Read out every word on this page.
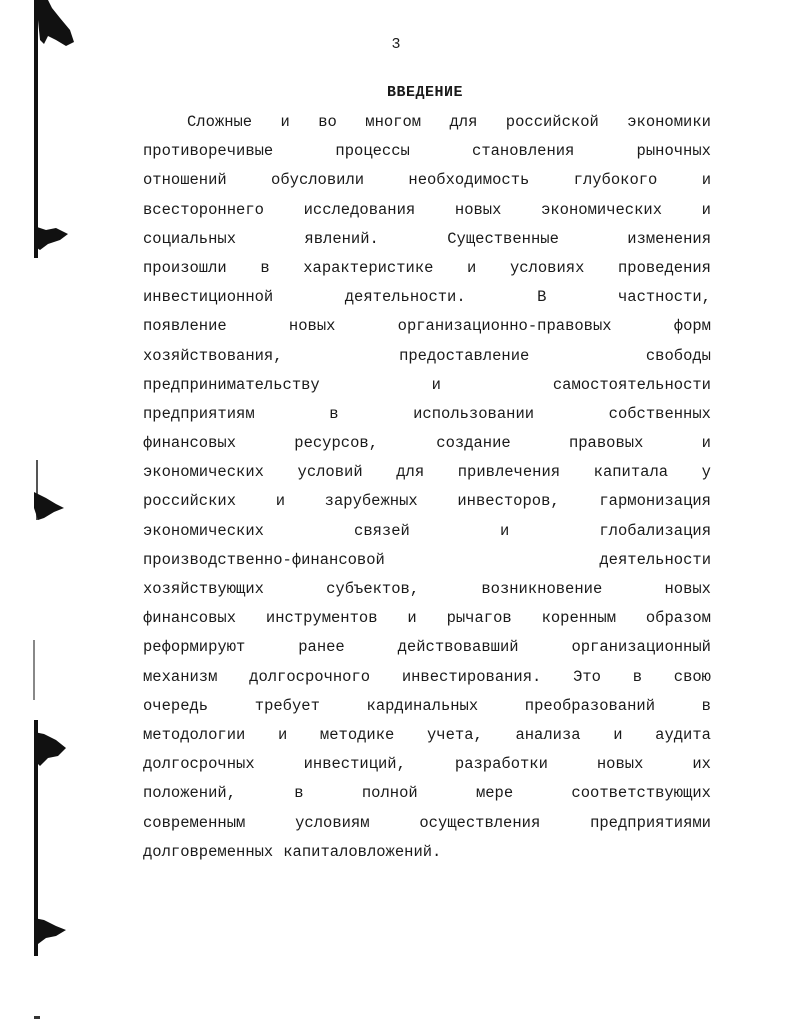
3
ВВЕДЕНИЕ
Сложные и во многом для российской экономики
противоречивые	процессы	становления	рыночных
отношений	обусловили	необходимость	глубокого	и
всестороннего	исследования	новых	экономических	и
социальных	явлений.	Существенные	изменения
произошли в характеристике и условиях проведения
инвестиционной	деятельности.	В	частности,
появление	новых	организационно-правовых	форм
хозяйствования,	предоставление	свободы
предпринимательству	и	самостоятельности
предприятиям	в	использовании	собственных
финансовых	ресурсов,	создание	правовых	и
экономических условий для привлечения капитала у
российских	и	зарубежных	инвесторов,	гармонизация
экономических	связей	и	глобализация
производственно-финансовой	деятельности
хозяйствующих	субъектов,	возникновение	новых
финансовых инструментов и рычагов коренным образом
реформируют	ранее	действовавший	организационный
механизм долгосрочного инвестирования. Это в свою
очередь	требует	кардинальных	преобразований	в
методологии и методике учета, анализа и аудита
долгосрочных	инвестиций,	разработки	новых	их
положений,	в	полной	мере	соответствующих
современным	условиям	осуществления	предприятиями
долговременных капиталовложений.
